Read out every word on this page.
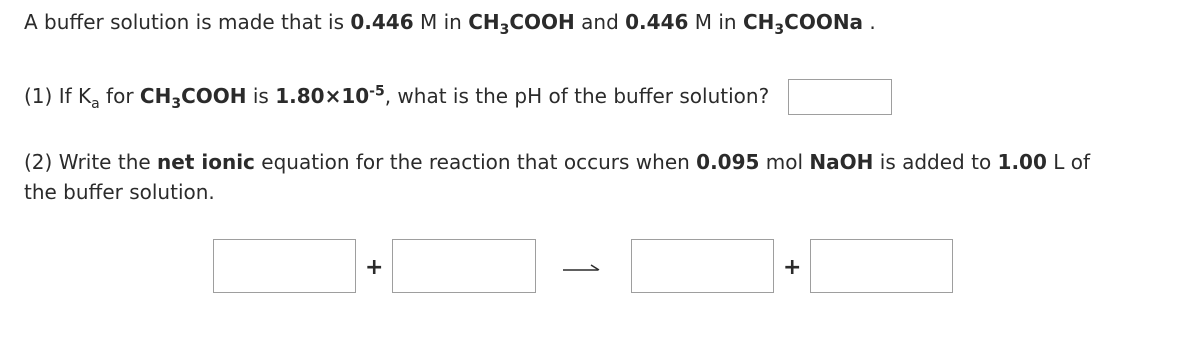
A buffer solution is made that is 0.446 M in $CH_3COOH$ and 0.446 M in $CH_3COONa$ .
(1) If $K_a$ for $CH_3COOH$ is $1.80\times 10^{-5}$, what is the pH of the buffer solution?
(2) Write the net ionic equation for the reaction that occurs when 0.095 mol NaOH is added to 1.00 L of
the buffer solution.
+	+
